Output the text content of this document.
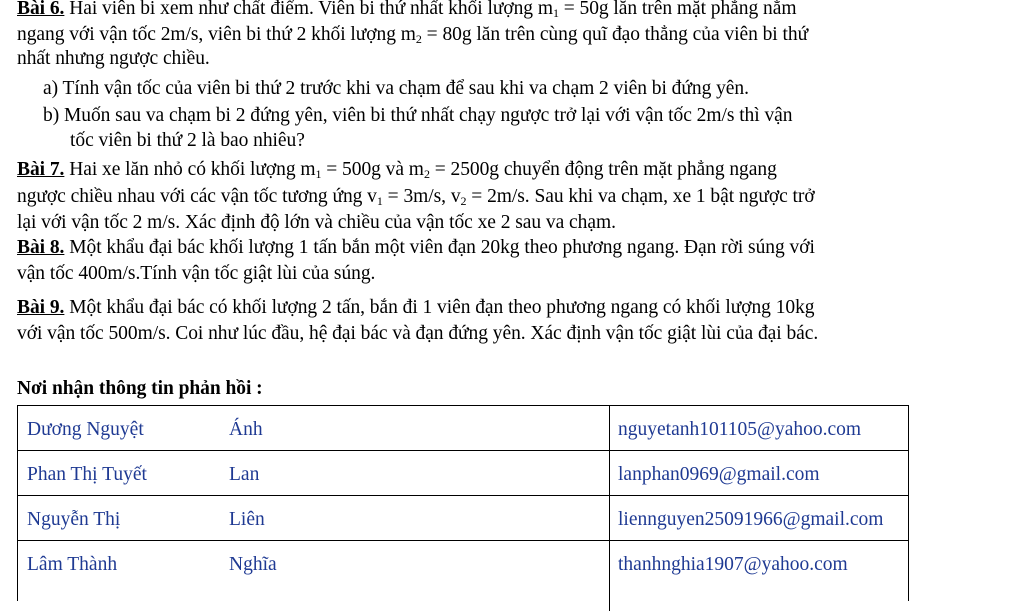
Bài 6. Hai viên bi xem như chất điểm. Viên bi thứ nhất khối lượng $m_1 = 50g$ lăn trên mặt phẳng nằm
ngang với vận tốc 2m/s, viên bi thứ 2 khối lượng $m_2 = 80g$ lăn trên cùng quĩ đạo thẳng của viên bi thứ
nhất nhưng ngược chiều.
a) Tính vận tốc của viên bi thứ 2 trước khi va chạm để sau khi va chạm 2 viên bi đứng yên.
b) Muốn sau va chạm bi 2 đứng yên, viên bi thứ nhất chạy ngược trở lại với vận tốc 2m/s thì vận
tốc viên bi thứ 2 là bao nhiêu?
Bài 7. Hai xe lăn nhỏ có khối lượng $m_1 = 500g$ và $m_2 = 2500g$ chuyển động trên mặt phẳng ngang
ngược chiều nhau với các vận tốc tương ứng $v_1 = 3m/s$, $v_2 = 2m/s$. Sau khi va chạm, xe 1 bật ngược trở
lại với vận tốc 2 m/s. Xác định độ lớn và chiều của vận tốc xe 2 sau va chạm.
Bài 8. Một khẩu đại bác khối lượng 1 tấn bắn một viên đạn 20kg theo phương ngang. Đạn rời súng với
vận tốc 400m/s.Tính vận tốc giật lùi của súng.
Bài 9. Một khẩu đại bác có khối lượng 2 tấn, bắn đi 1 viên đạn theo phương ngang có khối lượng 10kg
với vận tốc 500m/s. Coi như lúc đầu, hệ đại bác và đạn đứng yên. Xác định vận tốc giật lùi của đại bác.
Nơi nhận thông tin phản hồi :
Dương Nguyệt	Ánh	nguyetanh101105@yahoo.com
Phan Thị Tuyết	Lan	lanphan0969@gmail.com
Nguyễn Thị	Liên	liennguyen25091966@gmail.com
Lâm Thành	Nghĩa	thanhnghia1907@yahoo.com
